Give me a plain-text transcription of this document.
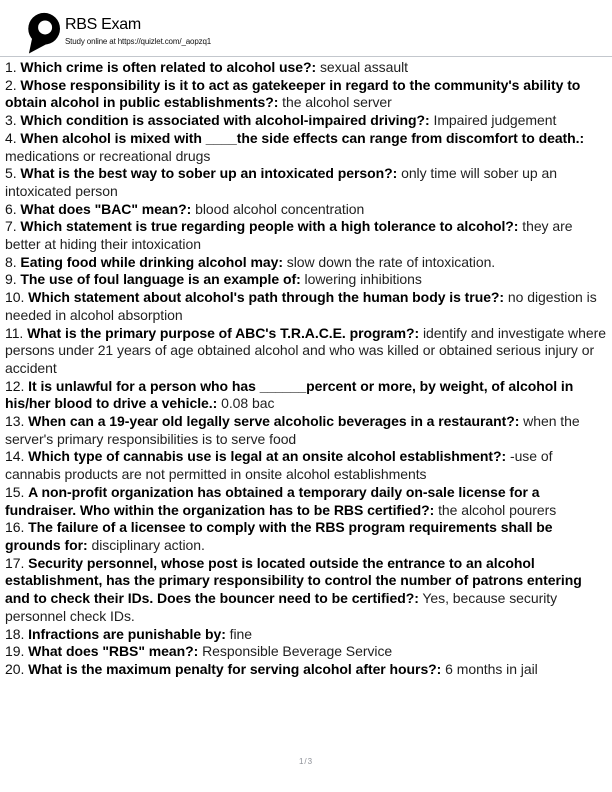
RBS Exam
Study online at https://quizlet.com/_aopzq1

1. Which crime is often related to alcohol use?: sexual assault

2. Whose responsibility is it to act as gatekeeper in regard to the community's ability to obtain alcohol in public establishments?: the alcohol server

3. Which condition is associated with alcohol-impaired driving?: Impaired judgement

4. When alcohol is mixed with ____the side effects can range from discomfort to death.: medications or recreational drugs

5. What is the best way to sober up an intoxicated person?: only time will sober up an intoxicated person

6. What does "BAC" mean?: blood alcohol concentration

7. Which statement is true regarding people with a high tolerance to alcohol?: they are better at hiding their intoxication

8. Eating food while drinking alcohol may: slow down the rate of intoxication.

9. The use of foul language is an example of: lowering inhibitions

10. Which statement about alcohol's path through the human body is true?: no digestion is needed in alcohol absorption

11. What is the primary purpose of ABC's T.R.A.C.E. program?: identify and investigate where persons under 21 years of age obtained alcohol and who was killed or obtained serious injury or accident

12. It is unlawful for a person who has ______percent or more, by weight, of alcohol in his/her blood to drive a vehicle.: 0.08 bac

13. When can a 19-year old legally serve alcoholic beverages in a restaurant?: when the server's primary responsibilities is to serve food

14. Which type of cannabis use is legal at an onsite alcohol establishment?: -use of cannabis products are not permitted in onsite alcohol establishments

15. A non-profit organization has obtained a temporary daily on-sale license for a fundraiser. Who within the organization has to be RBS certified?: the alcohol pourers

16. The failure of a licensee to comply with the RBS program requirements shall be grounds for: disciplinary action.

17. Security personnel, whose post is located outside the entrance to an alcohol establishment, has the primary responsibility to control the number of patrons entering and to check their IDs. Does the bouncer need to be certified?: Yes, because security personnel check IDs.

18. Infractions are punishable by: fine

19. What does "RBS" mean?: Responsible Beverage Service

20. What is the maximum penalty for serving alcohol after hours?: 6 months in jail

1/3
